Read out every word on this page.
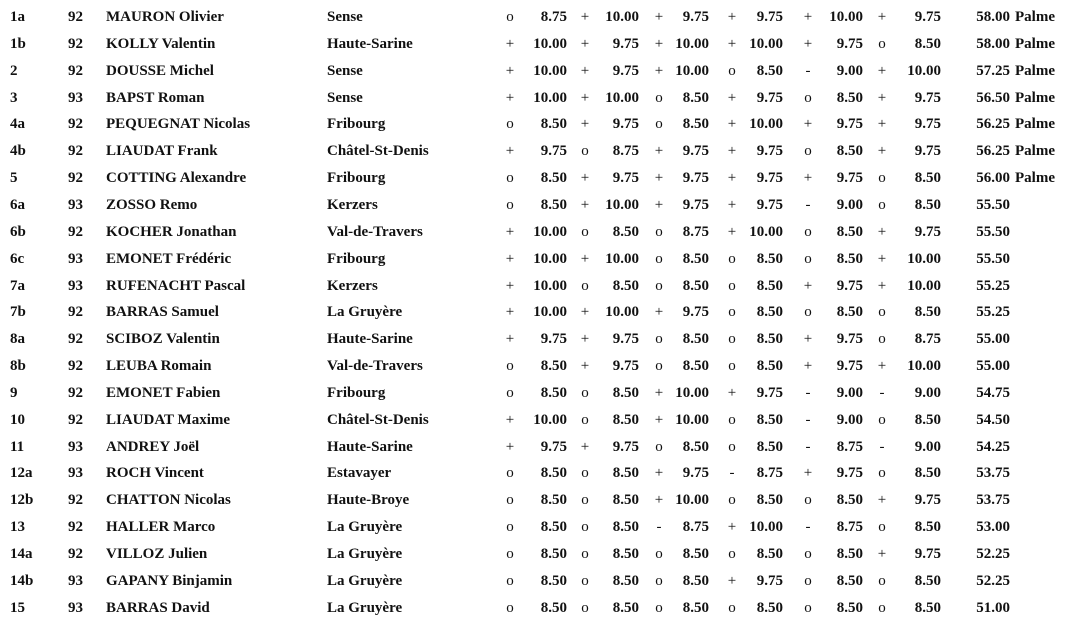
1a	92	MAURON Olivier	Sense	o	8.75 +	10.00 +	9.75 +	9.75 +	10.00 +	9.75	58.00 Palme
1b	92	KOLLY Valentin	Haute-Sarine	+	10.00 +	9.75 + 10.00 + 10.00 +	9.75 o	8.50	58.00 Palme
2	92	DOUSSE Michel	Sense	+	10.00 +	9.75 + 10.00 o	8.50	-	9.00 +	10.00	57.25 Palme
3	93	BAPST Roman	Sense	+	10.00 +	10.00 o	8.50 +	9.75 o	8.50 +	9.75	56.50 Palme
4a	92	PEQUEGNAT Nicolas	Fribourg	o	8.50 +	9.75 o	8.50 + 10.00 +	9.75 +	9.75	56.25 Palme
4b	92	LIAUDAT Frank	Châtel-St-Denis	+	9.75 o	8.75 +	9.75 +	9.75 o	8.50 +	9.75	56.25 Palme
5	92	COTTING Alexandre	Fribourg	o	8.50 +	9.75 +	9.75 +	9.75 +	9.75 o	8.50	56.00 Palme
6a	93	ZOSSO Remo	Kerzers	o	8.50 +	10.00 +	9.75 +	9.75	-	9.00 o	8.50	55.50
6b	92	KOCHER Jonathan	Val-de-Travers	+	10.00 o	8.50 o	8.75 + 10.00 o	8.50 +	9.75	55.50
6c	93	EMONET Frédéric	Fribourg	+	10.00 +	10.00 o	8.50 o	8.50 o	8.50 +	10.00	55.50
7a	93	RUFENACHT Pascal	Kerzers	+	10.00 o	8.50 o	8.50 o	8.50 +	9.75 +	10.00	55.25
7b	92	BARRAS Samuel	La Gruyère	+	10.00 +	10.00 +	9.75 o	8.50 o	8.50 o	8.50	55.25
8a	92	SCIBOZ Valentin	Haute-Sarine	+	9.75 +	9.75 o	8.50 o	8.50 +	9.75 o	8.75	55.00
8b	92	LEUBA Romain	Val-de-Travers	o	8.50 +	9.75 o	8.50 o	8.50 +	9.75 +	10.00	55.00
9	92	EMONET Fabien	Fribourg	o	8.50 o	8.50 + 10.00 +	9.75	-	9.00	-	9.00	54.75
10	92	LIAUDAT Maxime	Châtel-St-Denis	+	10.00 o	8.50 + 10.00 o	8.50	-	9.00 o	8.50	54.50
11	93	ANDREY Joël	Haute-Sarine	+	9.75 +	9.75 o	8.50 o	8.50	-	8.75	-	9.00	54.25
12a	93	ROCH Vincent	Estavayer	o	8.50 o	8.50 +	9.75	-	8.75 +	9.75 o	8.50	53.75
12b	92	CHATTON Nicolas	Haute-Broye	o	8.50 o	8.50 + 10.00 o	8.50 o	8.50 +	9.75	53.75
13	92	HALLER Marco	La Gruyère	o	8.50 o	8.50	-	8.75 + 10.00	-	8.75 o	8.50	53.00
14a	92	VILLOZ Julien	La Gruyère	o	8.50 o	8.50 o	8.50 o	8.50 o	8.50 +	9.75	52.25
14b	93	GAPANY Binjamin	La Gruyère	o	8.50 o	8.50 o	8.50 +	9.75 o	8.50 o	8.50	52.25
15	93	BARRAS David	La Gruyère	o	8.50 o	8.50 o	8.50 o	8.50 o	8.50 o	8.50	51.00
